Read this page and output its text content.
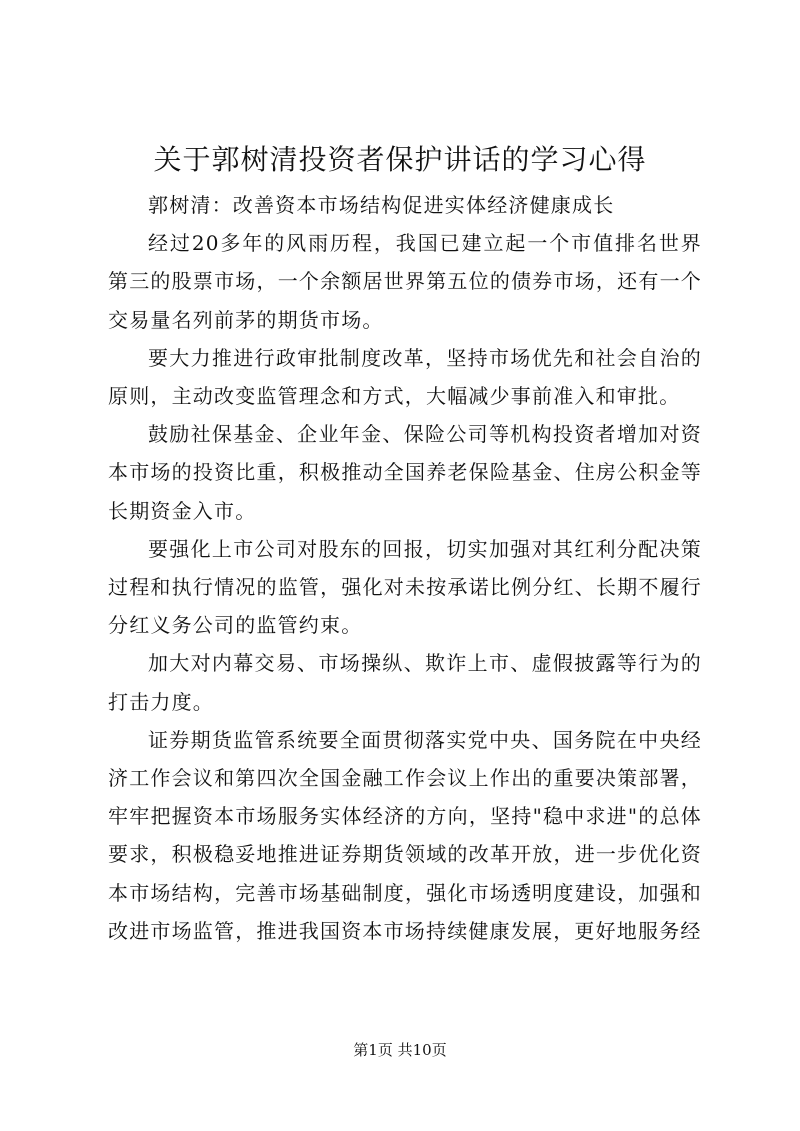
关于郭树清投资者保护讲话的学习心得

郭树清：改善资本市场结构促进实体经济健康成长

经过20多年的风雨历程，我国已建立起一个市值排名世界第三的股票市场，一个余额居世界第五位的债券市场，还有一个交易量名列前茅的期货市场。

要大力推进行政审批制度改革，坚持市场优先和社会自治的原则，主动改变监管理念和方式，大幅减少事前准入和审批。

鼓励社保基金、企业年金、保险公司等机构投资者增加对资本市场的投资比重，积极推动全国养老保险基金、住房公积金等长期资金入市。

要强化上市公司对股东的回报，切实加强对其红利分配决策过程和执行情况的监管，强化对未按承诺比例分红、长期不履行分红义务公司的监管约束。

加大对内幕交易、市场操纵、欺诈上市、虚假披露等行为的打击力度。

证券期货监管系统要全面贯彻落实党中央、国务院在中央经济工作会议和第四次全国金融工作会议上作出的重要决策部署，牢牢把握资本市场服务实体经济的方向，坚持"稳中求进"的总体要求，积极稳妥地推进证券期货领域的改革开放，进一步优化资本市场结构，完善市场基础制度，强化市场透明度建设，加强和改进市场监管，推进我国资本市场持续健康发展，更好地服务经

第1页 共10页
